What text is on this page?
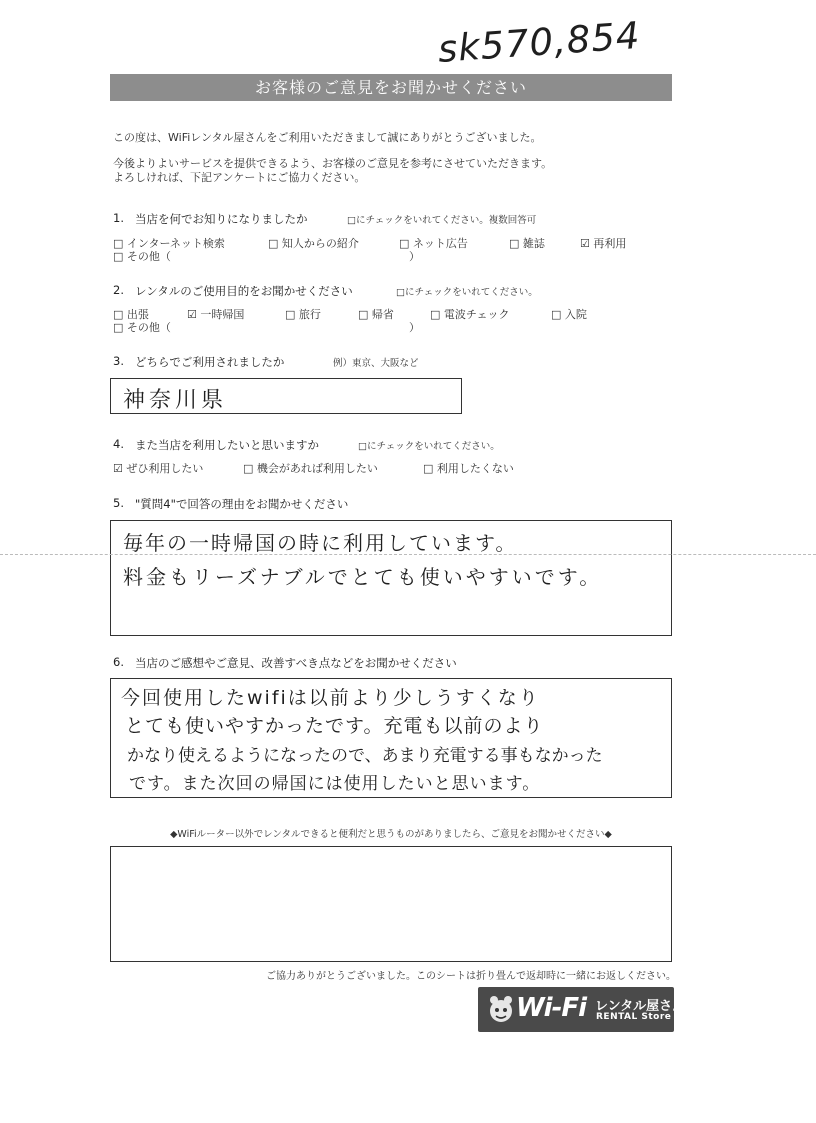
sk570,854
お客様のご意見をお聞かせください
この度は、WiFiレンタル屋さんをご利用いただきまして誠にありがとうございました。
今後よりよいサービスを提供できるよう、お客様のご意見を参考にさせていただきます。
よろしければ、下記アンケートにご協力ください。
1. 当店を何でお知りになりましたか	□にチェックをいれてください。複数回答可
□ インターネット検索	□ 知人からの紹介	□ ネット広告	□ 雑誌	☑ 再利用
□ その他（	）
2. レンタルのご使用目的をお聞かせください	□にチェックをいれてください。
□ 出張	☑ 一時帰国	□ 旅行	□ 帰省	□ 電波チェック	□ 入院
□ その他（	）
3. どちらでご利用されましたか	例）東京、大阪など
神奈川県
4. また当店を利用したいと思いますか	□にチェックをいれてください。
☑ ぜひ利用したい	□ 機会があれば利用したい	□ 利用したくない
5. "質問4"で回答の理由をお聞かせください
毎年の一時帰国の時に利用しています。
料金もリーズナブルでとても使いやすいです。
6. 当店のご感想やご意見、改善すべき点などをお聞かせください
今回使用したwifiは以前より少しうすくなり
とても使いやすかったです。充電も以前のより
かなり使えるようになったので、あまり充電する事もなかった
です。また次回の帰国には使用したいと思います。
◆WiFiルーター以外でレンタルできると便利だと思うものがありましたら、ご意見をお聞かせください◆
ご協力ありがとうございました。このシートは折り畳んで返却時に一緒にお返しください。
Wi-Fi レンタル屋さん
RENTAL Store
